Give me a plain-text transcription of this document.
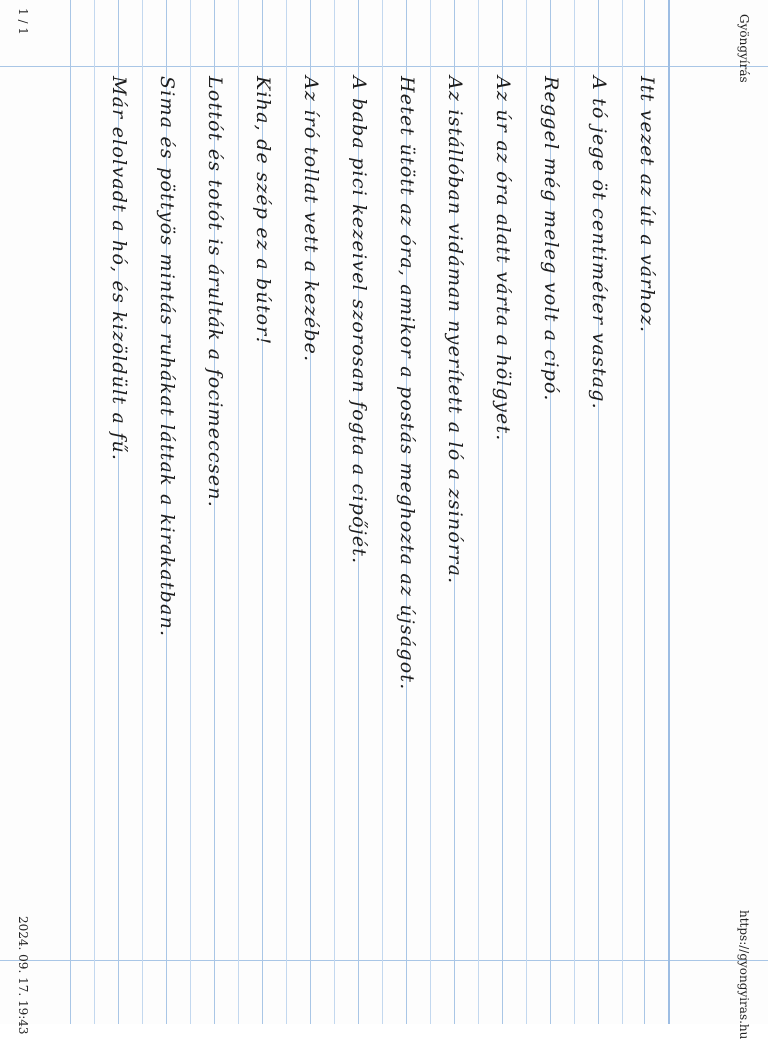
Gyöngyírás
https://gyongyiras.hu
1 / 1
2024. 09. 17. 19:43
Itt vezet az út a várhoz.
A tó jege öt centiméter vastag.
Reggel még meleg volt a cipó.
Az úr az óra alatt várta a hölgyet.
Az istállóban vidáman nyerített a ló a zsinórra.
Hetet ütött az óra, amikor a postás meghozta az újságot.
A baba pici kezeivel szorosan fogta a cipőjét.
Az író tollat vett a kezébe.
Kiha, de szép ez a bútor!
Lottót és totót is árulták a focimeccsen.
Sima és pöttyös mintás ruhákat láttak a kirakatban.
Már elolvadt a hó, és kizöldült a fű.
